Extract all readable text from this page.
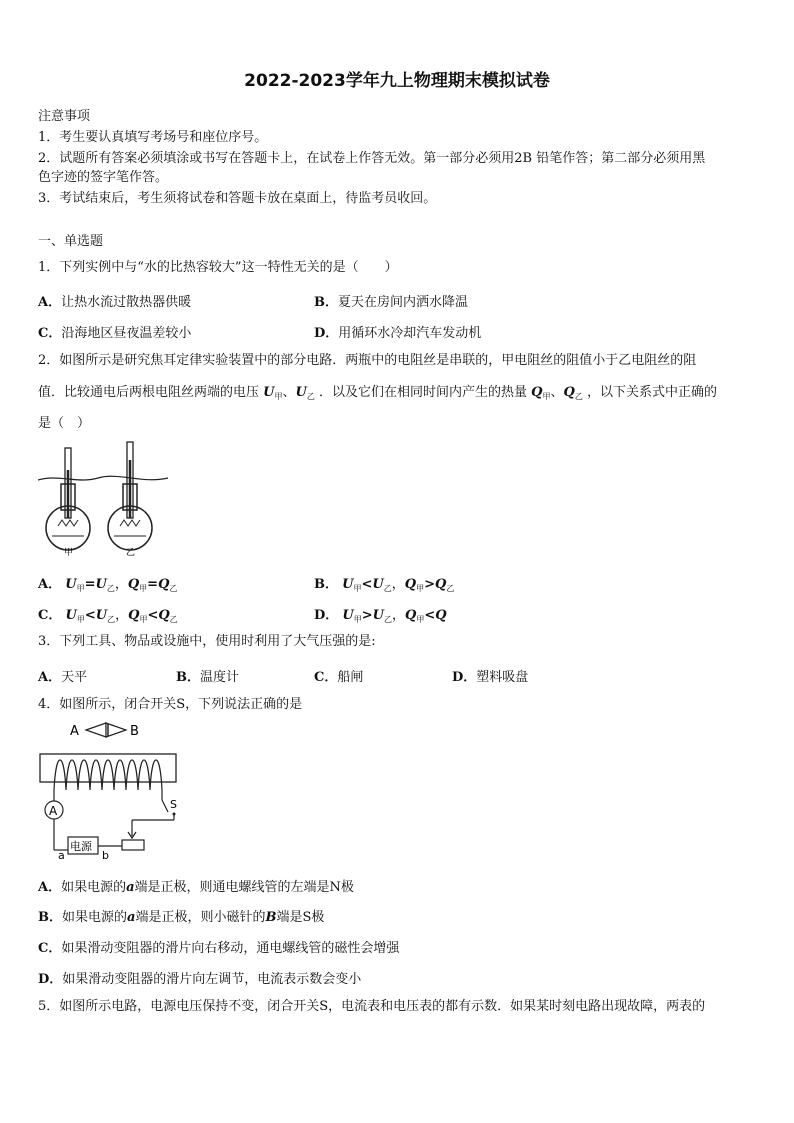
2022-2023学年九上物理期末模拟试卷
注意事项
1．考生要认真填写考场号和座位序号。
2．试题所有答案必须填涂或书写在答题卡上，在试卷上作答无效。第一部分必须用2B 铅笔作答；第二部分必须用黑
色字迹的签字笔作答。
3．考试结束后，考生须将试卷和答题卡放在桌面上，待监考员收回。
一、单选题
1．下列实例中与“水的比热容较大”这一特性无关的是（　　）
A．让热水流过散热器供暖	B．夏天在房间内洒水降温
C．沿海地区昼夜温差较小	D．用循环水冷却汽车发动机
2．如图所示是研究焦耳定律实验装置中的部分电路．两瓶中的电阻丝是串联的，甲电阻丝的阻值小于乙电阻丝的阻
值．比较通电后两根电阻丝两端的电压 $U_甲$、$U_乙$ ．以及它们在相同时间内产生的热量 $Q_甲$、$Q_乙$ ，以下关系式中正确的
是（　）
甲	乙
A． $U_甲=U_乙$，$Q_甲=Q_乙$	B． $U_甲<U_乙$，$Q_甲>Q_乙$
C． $U_甲<U_乙$，$Q_甲<Q_乙$	D． $U_甲>U_乙$，$Q_甲<Q$
3．下列工具、物品或设施中，使用时利用了大气压强的是:
A．天平	B．温度计	C．船闸	D．塑料吸盘
4．如图所示，闭合开关S，下列说法正确的是
A	B
A
电源
a	b
S
A．如果电源的a端是正极，则通电螺线管的左端是N极
B．如果电源的a端是正极，则小磁针的B端是S极
C．如果滑动变阻器的滑片向右移动，通电螺线管的磁性会增强
D．如果滑动变阻器的滑片向左调节，电流表示数会变小
5．如图所示电路，电源电压保持不变，闭合开关S，电流表和电压表的都有示数．如果某时刻电路出现故障，两表的
